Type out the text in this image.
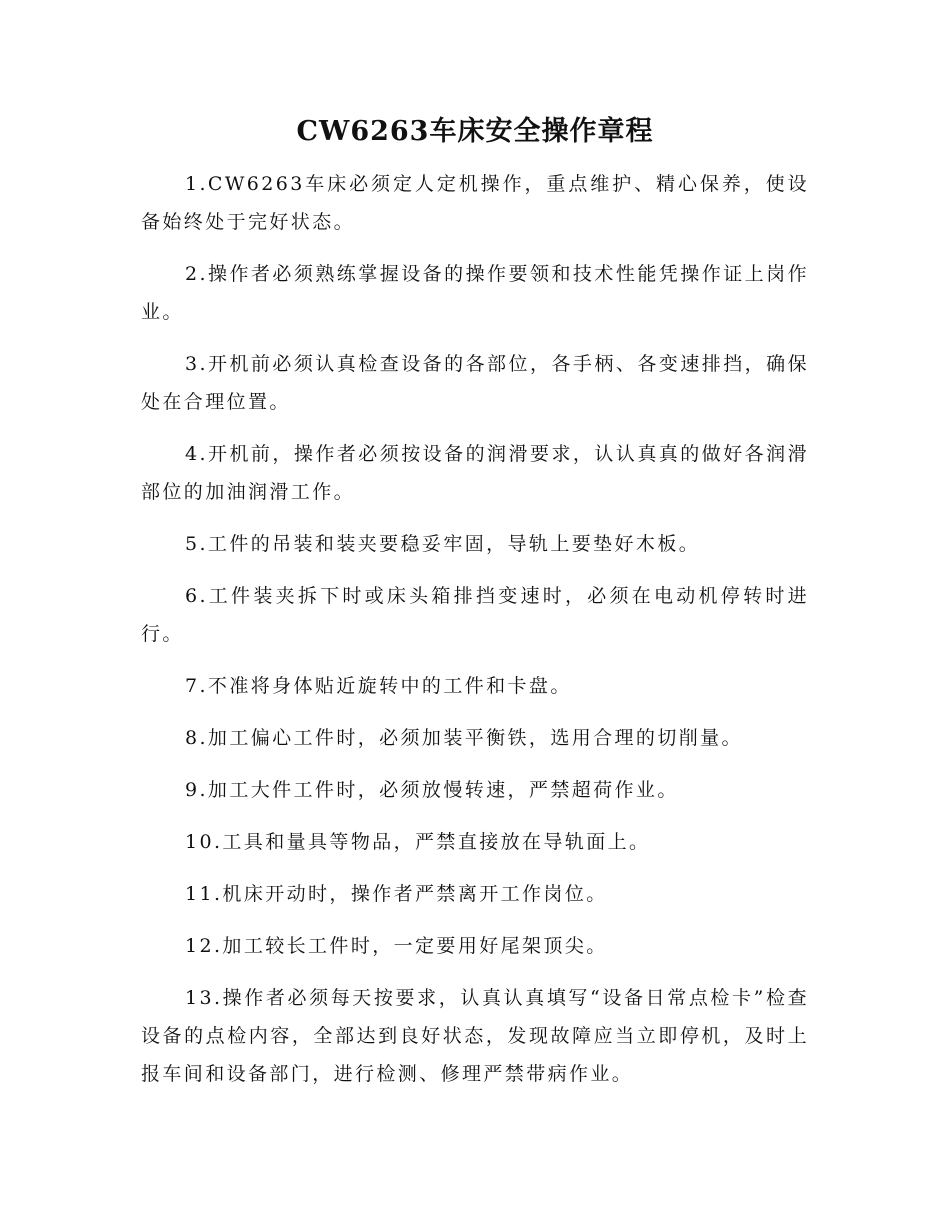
CW6263车床安全操作章程

1.CW6263车床必须定人定机操作，重点维护、精心保养，使设备始终处于完好状态。

2.操作者必须熟练掌握设备的操作要领和技术性能凭操作证上岗作业。

3.开机前必须认真检查设备的各部位，各手柄、各变速排挡，确保处在合理位置。

4.开机前，操作者必须按设备的润滑要求，认认真真的做好各润滑部位的加油润滑工作。

5.工件的吊装和装夹要稳妥牢固，导轨上要垫好木板。

6.工件装夹拆下时或床头箱排挡变速时，必须在电动机停转时进行。

7.不准将身体贴近旋转中的工件和卡盘。

8.加工偏心工件时，必须加装平衡铁，选用合理的切削量。

9.加工大件工件时，必须放慢转速，严禁超荷作业。

10.工具和量具等物品，严禁直接放在导轨面上。

11.机床开动时，操作者严禁离开工作岗位。

12.加工较长工件时，一定要用好尾架顶尖。

13.操作者必须每天按要求，认真认真填写“设备日常点检卡”检查设备的点检内容，全部达到良好状态，发现故障应当立即停机，及时上报车间和设备部门，进行检测、修理严禁带病作业。
